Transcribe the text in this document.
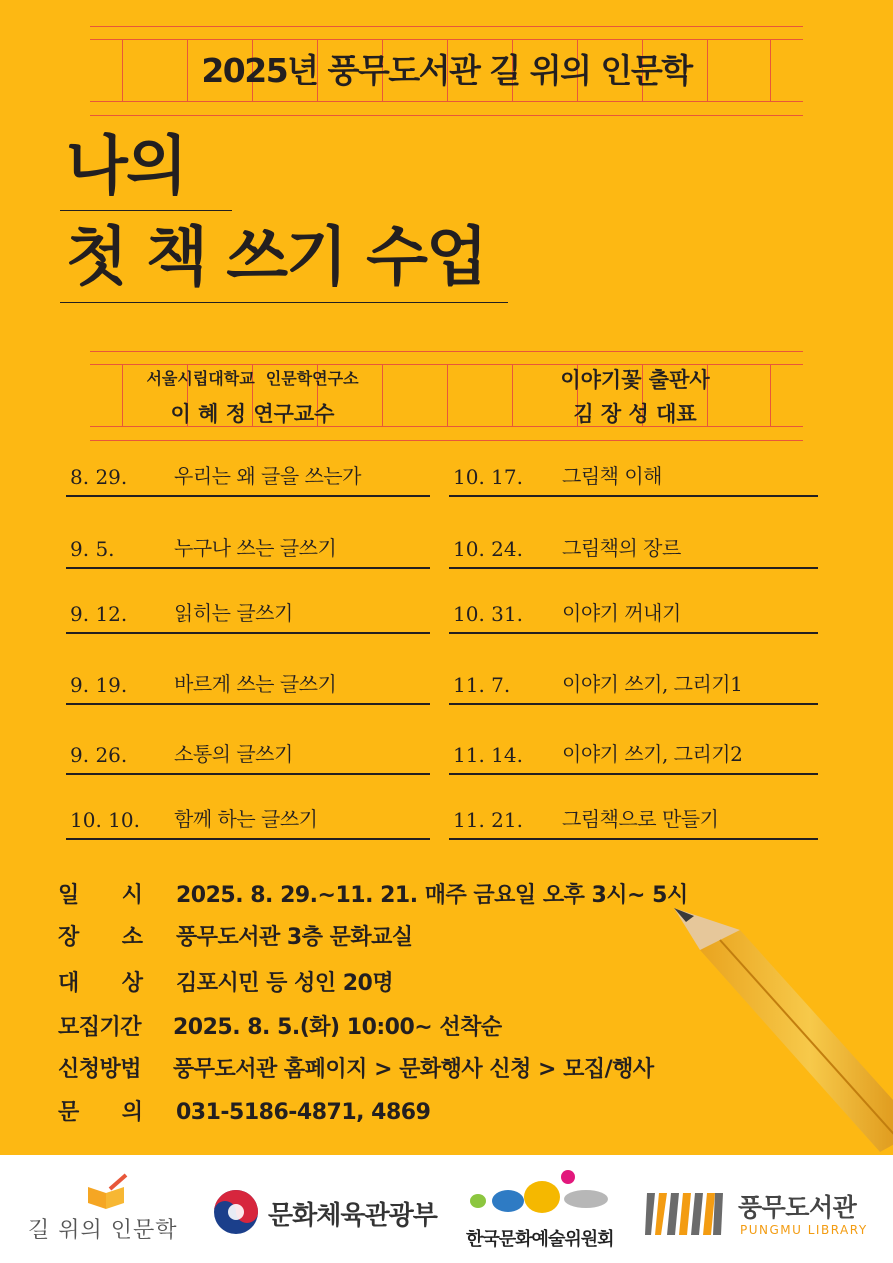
2025년 풍무도서관 길 위의 인문학
나의
첫 책 쓰기 수업
서울시립대학교  인문학연구소
이 혜 정 연구교수
이야기꽃 출판사
김 장 성 대표
8. 29. 우리는 왜 글을 쓰는가
9. 5.	누구나 쓰는 글쓰기
9. 12. 읽히는 글쓰기
9. 19. 바르게 쓰는 글쓰기
9. 26. 소통의 글쓰기
10. 10. 함께 하는 글쓰기
10. 17. 그림책 이해
10. 24. 그림책의 장르
10. 31. 이야기 꺼내기
11. 7.	이야기 쓰기, 그리기1
11. 14. 이야기 쓰기, 그리기2
11. 21. 그림책으로 만들기
일      시 2025. 8. 29.~11. 21. 매주 금요일 오후 3시~ 5시
장      소 풍무도서관 3층 문화교실
대      상 김포시민 등 성인 20명
모집기간 2025. 8. 5.(화) 10:00~ 선착순
신청방법 풍무도서관 홈페이지 > 문화행사 신청 > 모집/행사
문      의 031-5186-4871, 4869
길 위의 인문학	문화체육관광부
한국문화예술위원회
풍무도서관
PUNGMU LIBRARY
